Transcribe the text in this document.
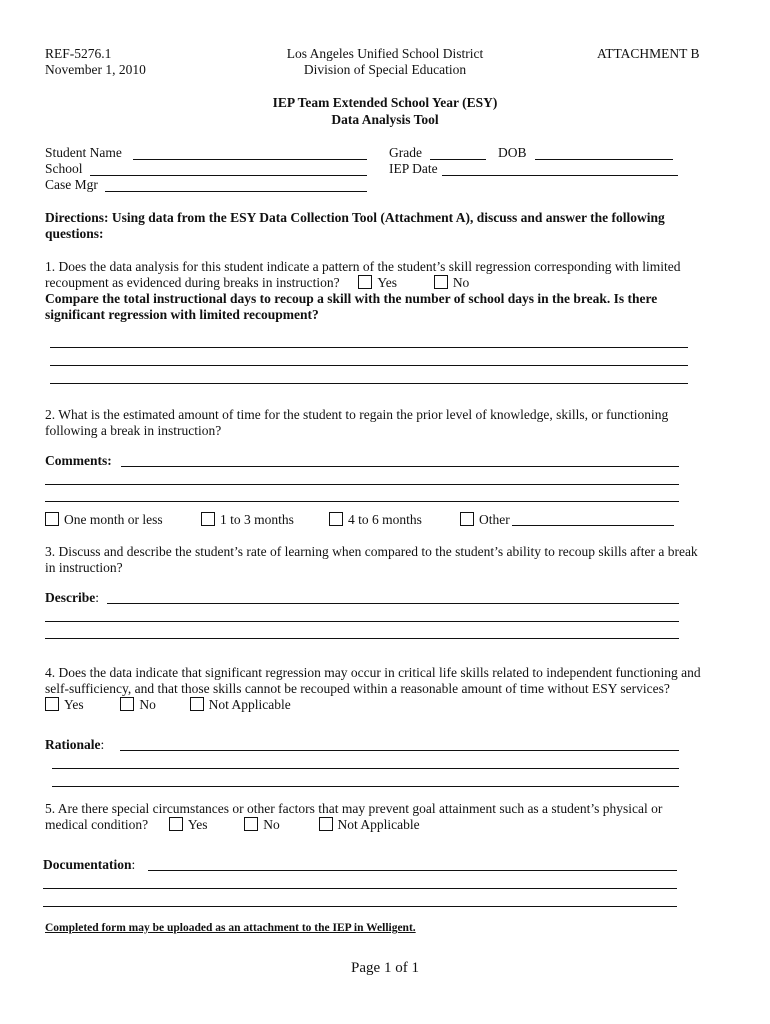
REF-5276.1
November 1, 2010
Los Angeles Unified School District
Division of Special Education
ATTACHMENT B
IEP Team Extended School Year (ESY)
Data Analysis Tool
Student Name
School
Case Mgr
Grade	DOB
IEP Date
Directions: Using data from the ESY Data Collection Tool (Attachment A), discuss and answer the following
questions:
1. Does the data analysis for this student indicate a pattern of the student’s skill regression corresponding with limited
recoupment as evidenced during breaks in instruction?	Yes	No
Compare the total instructional days to recoup a skill with the number of school days in the break. Is there
significant regression with limited recoupment?
2. What is the estimated amount of time for the student to regain the prior level of knowledge, skills, or functioning
following a break in instruction?
Comments:
One month or less	1 to 3 months	4 to 6 months	Other
3. Discuss and describe the student’s rate of learning when compared to the student’s ability to recoup skills after a break
in instruction?
Describe:
4. Does the data indicate that significant regression may occur in critical life skills related to independent functioning and
self-sufficiency, and that those skills cannot be recouped within a reasonable amount of time without ESY services?
Yes	No	Not Applicable
Rationale:
5. Are there special circumstances or other factors that may prevent goal attainment such as a student’s physical or
medical condition?	Yes	No	Not Applicable
Documentation:
Completed form may be uploaded as an attachment to the IEP in Welligent.
Page 1 of 1
